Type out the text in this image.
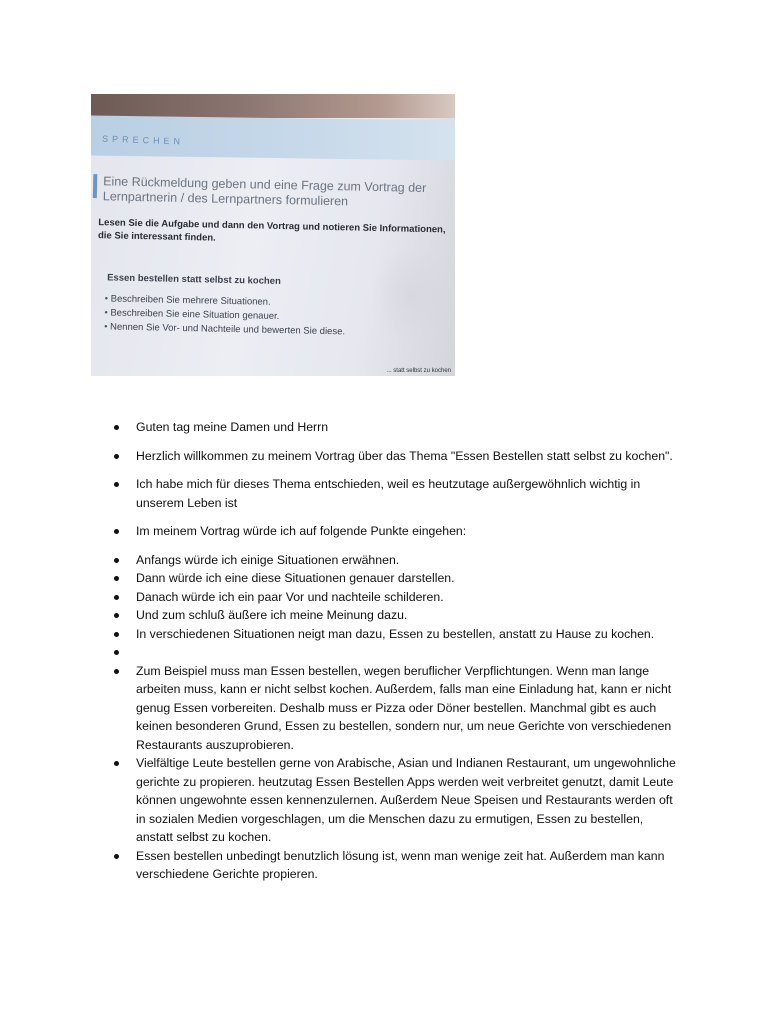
SPRECHEN
Eine Rückmeldung geben und eine Frage zum Vortrag der Lernpartnerin / des Lernpartners formulieren
Lesen Sie die Aufgabe und dann den Vortrag und notieren Sie Informationen, die Sie interessant finden.
Essen bestellen statt selbst zu kochen
• Beschreiben Sie mehrere Situationen.
• Beschreiben Sie eine Situation genauer.
• Nennen Sie Vor- und Nachteile und bewerten Sie diese.
... statt selbst zu kochen
Guten tag meine Damen und Herrn
Herzlich willkommen zu meinem Vortrag über das Thema "Essen Bestellen statt selbst zu kochen".
Ich habe mich für dieses Thema entschieden, weil es heutzutage außergewöhnlich wichtig in unserem Leben ist
Im meinem Vortrag würde ich auf folgende Punkte eingehen:
Anfangs würde ich einige Situationen erwähnen.
Dann würde ich eine diese Situationen genauer darstellen.
Danach würde ich ein paar Vor und nachteile schilderen.
Und zum schluß äußere ich meine Meinung dazu.
In verschiedenen Situationen neigt man dazu, Essen zu bestellen, anstatt zu Hause zu kochen.
Zum Beispiel muss man Essen bestellen, wegen beruflicher Verpflichtungen. Wenn man lange arbeiten muss, kann er nicht selbst kochen. Außerdem, falls man eine Einladung hat, kann er nicht genug Essen vorbereiten. Deshalb muss er Pizza oder Döner bestellen. Manchmal gibt es auch keinen besonderen Grund, Essen zu bestellen, sondern nur, um neue Gerichte von verschiedenen Restaurants auszuprobieren.
Vielfältige Leute bestellen gerne von Arabische, Asian und Indianen Restaurant, um ungewohnliche gerichte zu propieren. heutzutag Essen Bestellen Apps werden weit verbreitet genutzt, damit Leute können ungewohnte essen kennenzulernen. Außerdem Neue Speisen und Restaurants werden oft in sozialen Medien vorgeschlagen, um die Menschen dazu zu ermutigen, Essen zu bestellen, anstatt selbst zu kochen.
Essen bestellen unbedingt benutzlich lösung ist, wenn man wenige zeit hat. Außerdem man kann verschiedene Gerichte propieren.
